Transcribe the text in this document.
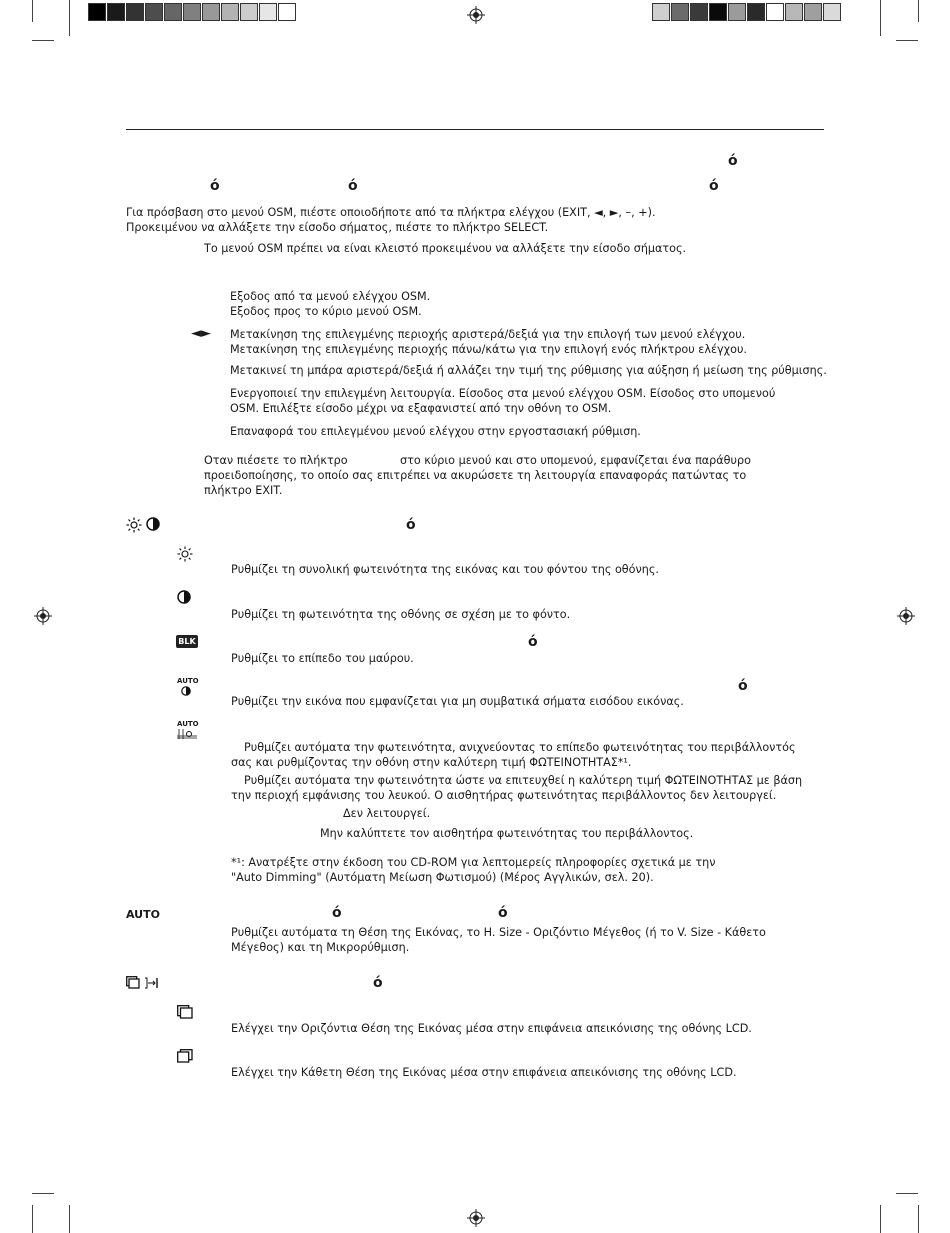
ό
ό	ό	ό
Για πρόσβαση στο μενού OSM, πιέστε οποιοδήποτε από τα πλήκτρα ελέγχου (EXIT, ◄, ►, –, +).
Προκειμένου να αλλάξετε την είσοδο σήματος, πιέστε το πλήκτρο SELECT.
Το μενού OSM πρέπει να είναι κλειστό προκειμένου να αλλάξετε την είσοδο σήματος.
Εξοδος από τα μενού ελέγχου OSM.
Εξοδος προς το κύριο μενού OSM.
◄► Μετακίνηση της επιλεγμένης περιοχής αριστερά/δεξιά για την επιλογή των μενού ελέγχου.
Μετακίνηση της επιλεγμένης περιοχής πάνω/κάτω για την επιλογή ενός πλήκτρου ελέγχου.
Μετακινεί τη μπάρα αριστερά/δεξιά ή αλλάζει την τιμή της ρύθμισης για αύξηση ή μείωση της ρύθμισης.
Ενεργοποιεί την επιλεγμένη λειτουργία. Είσοδος στα μενού ελέγχου OSM. Είσοδος στο υπομενού
OSM. Επιλέξτε είσοδο μέχρι να εξαφανιστεί από την οθόνη το OSM.
Επαναφορά του επιλεγμένου μενού ελέγχου στην εργοστασιακή ρύθμιση.
Οταν πιέσετε το πλήκτρο	στο κύριο μενού και στο υπομενού, εμφανίζεται ένα παράθυρο
προειδοποίησης, το οποίο σας επιτρέπει να ακυρώσετε τη λειτουργία επαναφοράς πατώντας το
πλήκτρο EXIT.
ό
Ρυθμίζει τη συνολική φωτεινότητα της εικόνας και του φόντου της οθόνης.
Ρυθμίζει τη φωτεινότητα της οθόνης σε σχέση με το φόντο.
BLK	ό
Ρυθμίζει το επίπεδο του μαύρου.
AUTO	ό
Ρυθμίζει την εικόνα που εμφανίζεται για μη συμβατικά σήματα εισόδου εικόνας.
AUTO
Ρυθμίζει αυτόματα την φωτεινότητα, ανιχνεύοντας το επίπεδο φωτεινότητας του περιβάλλοντός
σας και ρυθμίζοντας την οθόνη στην καλύτερη τιμή ΦΩΤΕΙΝΟΤΗΤΑΣ*¹.
Ρυθμίζει αυτόματα την φωτεινότητα ώστε να επιτευχθεί η καλύτερη τιμή ΦΩΤΕΙΝΟΤΗΤΑΣ με βάση
την περιοχή εμφάνισης του λευκού. Ο αισθητήρας φωτεινότητας περιβάλλοντος δεν λειτουργεί.
Δεν λειτουργεί.
Μην καλύπτετε τον αισθητήρα φωτεινότητας του περιβάλλοντος.
*¹: Ανατρέξτε στην έκδοση του CD-ROM για λεπτομερείς πληροφορίες σχετικά με την
"Auto Dimming" (Αυτόματη Μείωση Φωτισμού) (Μέρος Αγγλικών, σελ. 20).
AUTO	ό	ό
Ρυθμίζει αυτόματα τη Θέση της Εικόνας, το H. Size - Οριζόντιο Μέγεθος (ή το V. Size - Κάθετο
Μέγεθος) και τη Μικρορύθμιση.
ό
Ελέγχει την Οριζόντια Θέση της Εικόνας μέσα στην επιφάνεια απεικόνισης της οθόνης LCD.
Ελέγχει την Κάθετη Θέση της Εικόνας μέσα στην επιφάνεια απεικόνισης της οθόνης LCD.
